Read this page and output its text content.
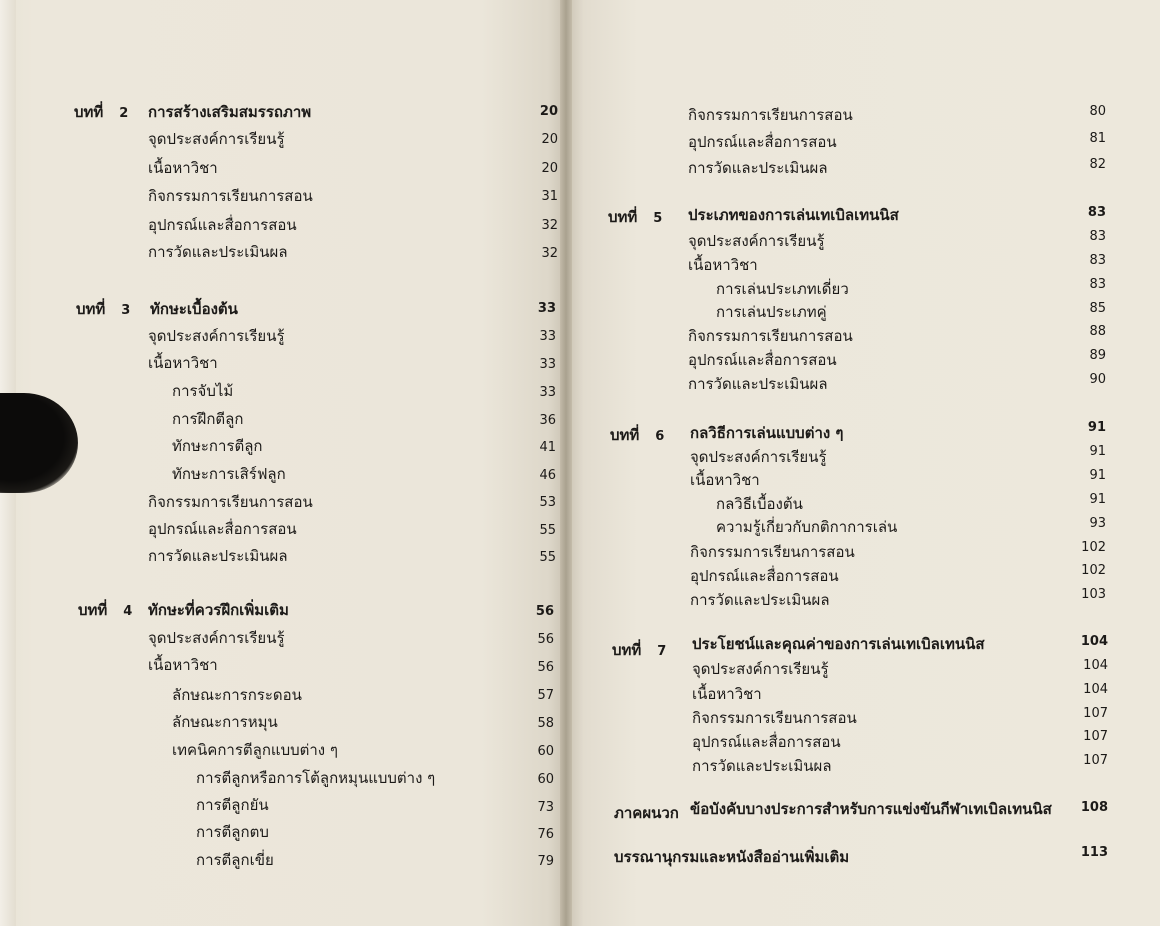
บทที่ 2 การสร้างเสริมสมรรถภาพ	20
จุดประสงค์การเรียนรู้	20
เนื้อหาวิชา	20
กิจกรรมการเรียนการสอน	31
อุปกรณ์และสื่อการสอน	32
การวัดและประเมินผล	32
บทที่ 3 ทักษะเบื้องต้น	33
จุดประสงค์การเรียนรู้	33
เนื้อหาวิชา	33
การจับไม้	33
การฝึกตีลูก	36
ทักษะการตีลูก	41
ทักษะการเสิร์ฟลูก	46
กิจกรรมการเรียนการสอน	53
อุปกรณ์และสื่อการสอน	55
การวัดและประเมินผล	55
บทที่ 4 ทักษะที่ควรฝึกเพิ่มเติม	56
จุดประสงค์การเรียนรู้	56
เนื้อหาวิชา	56
ลักษณะการกระดอน	57
ลักษณะการหมุน	58
เทคนิคการตีลูกแบบต่าง ๆ	60
การตีลูกหรือการโต้ลูกหมุนแบบต่าง ๆ	60
การตีลูกยัน	73
การตีลูกตบ	76
การตีลูกเขี่ย	79
กิจกรรมการเรียนการสอน	80
อุปกรณ์และสื่อการสอน	81
การวัดและประเมินผล	82
บทที่ 5 ประเภทของการเล่นเทเบิลเทนนิส	83
จุดประสงค์การเรียนรู้	83
เนื้อหาวิชา	83
การเล่นประเภทเดี่ยว	83
การเล่นประเภทคู่	85
กิจกรรมการเรียนการสอน	88
อุปกรณ์และสื่อการสอน	89
การวัดและประเมินผล	90
บทที่ 6 กลวิธีการเล่นแบบต่าง ๆ	91
จุดประสงค์การเรียนรู้	91
เนื้อหาวิชา	91
กลวิธีเบื้องต้น	91
ความรู้เกี่ยวกับกติกาการเล่น	93
กิจกรรมการเรียนการสอน	102
อุปกรณ์และสื่อการสอน	102
การวัดและประเมินผล	103
บทที่ 7 ประโยชน์และคุณค่าของการเล่นเทเบิลเทนนิส	104
จุดประสงค์การเรียนรู้	104
เนื้อหาวิชา	104
กิจกรรมการเรียนการสอน	107
อุปกรณ์และสื่อการสอน	107
การวัดและประเมินผล	107
ภาคผนวก ข้อบังคับบางประการสำหรับการแข่งขันกีฬาเทเบิลเทนนิส	108
บรรณานุกรมและหนังสืออ่านเพิ่มเติม	113
